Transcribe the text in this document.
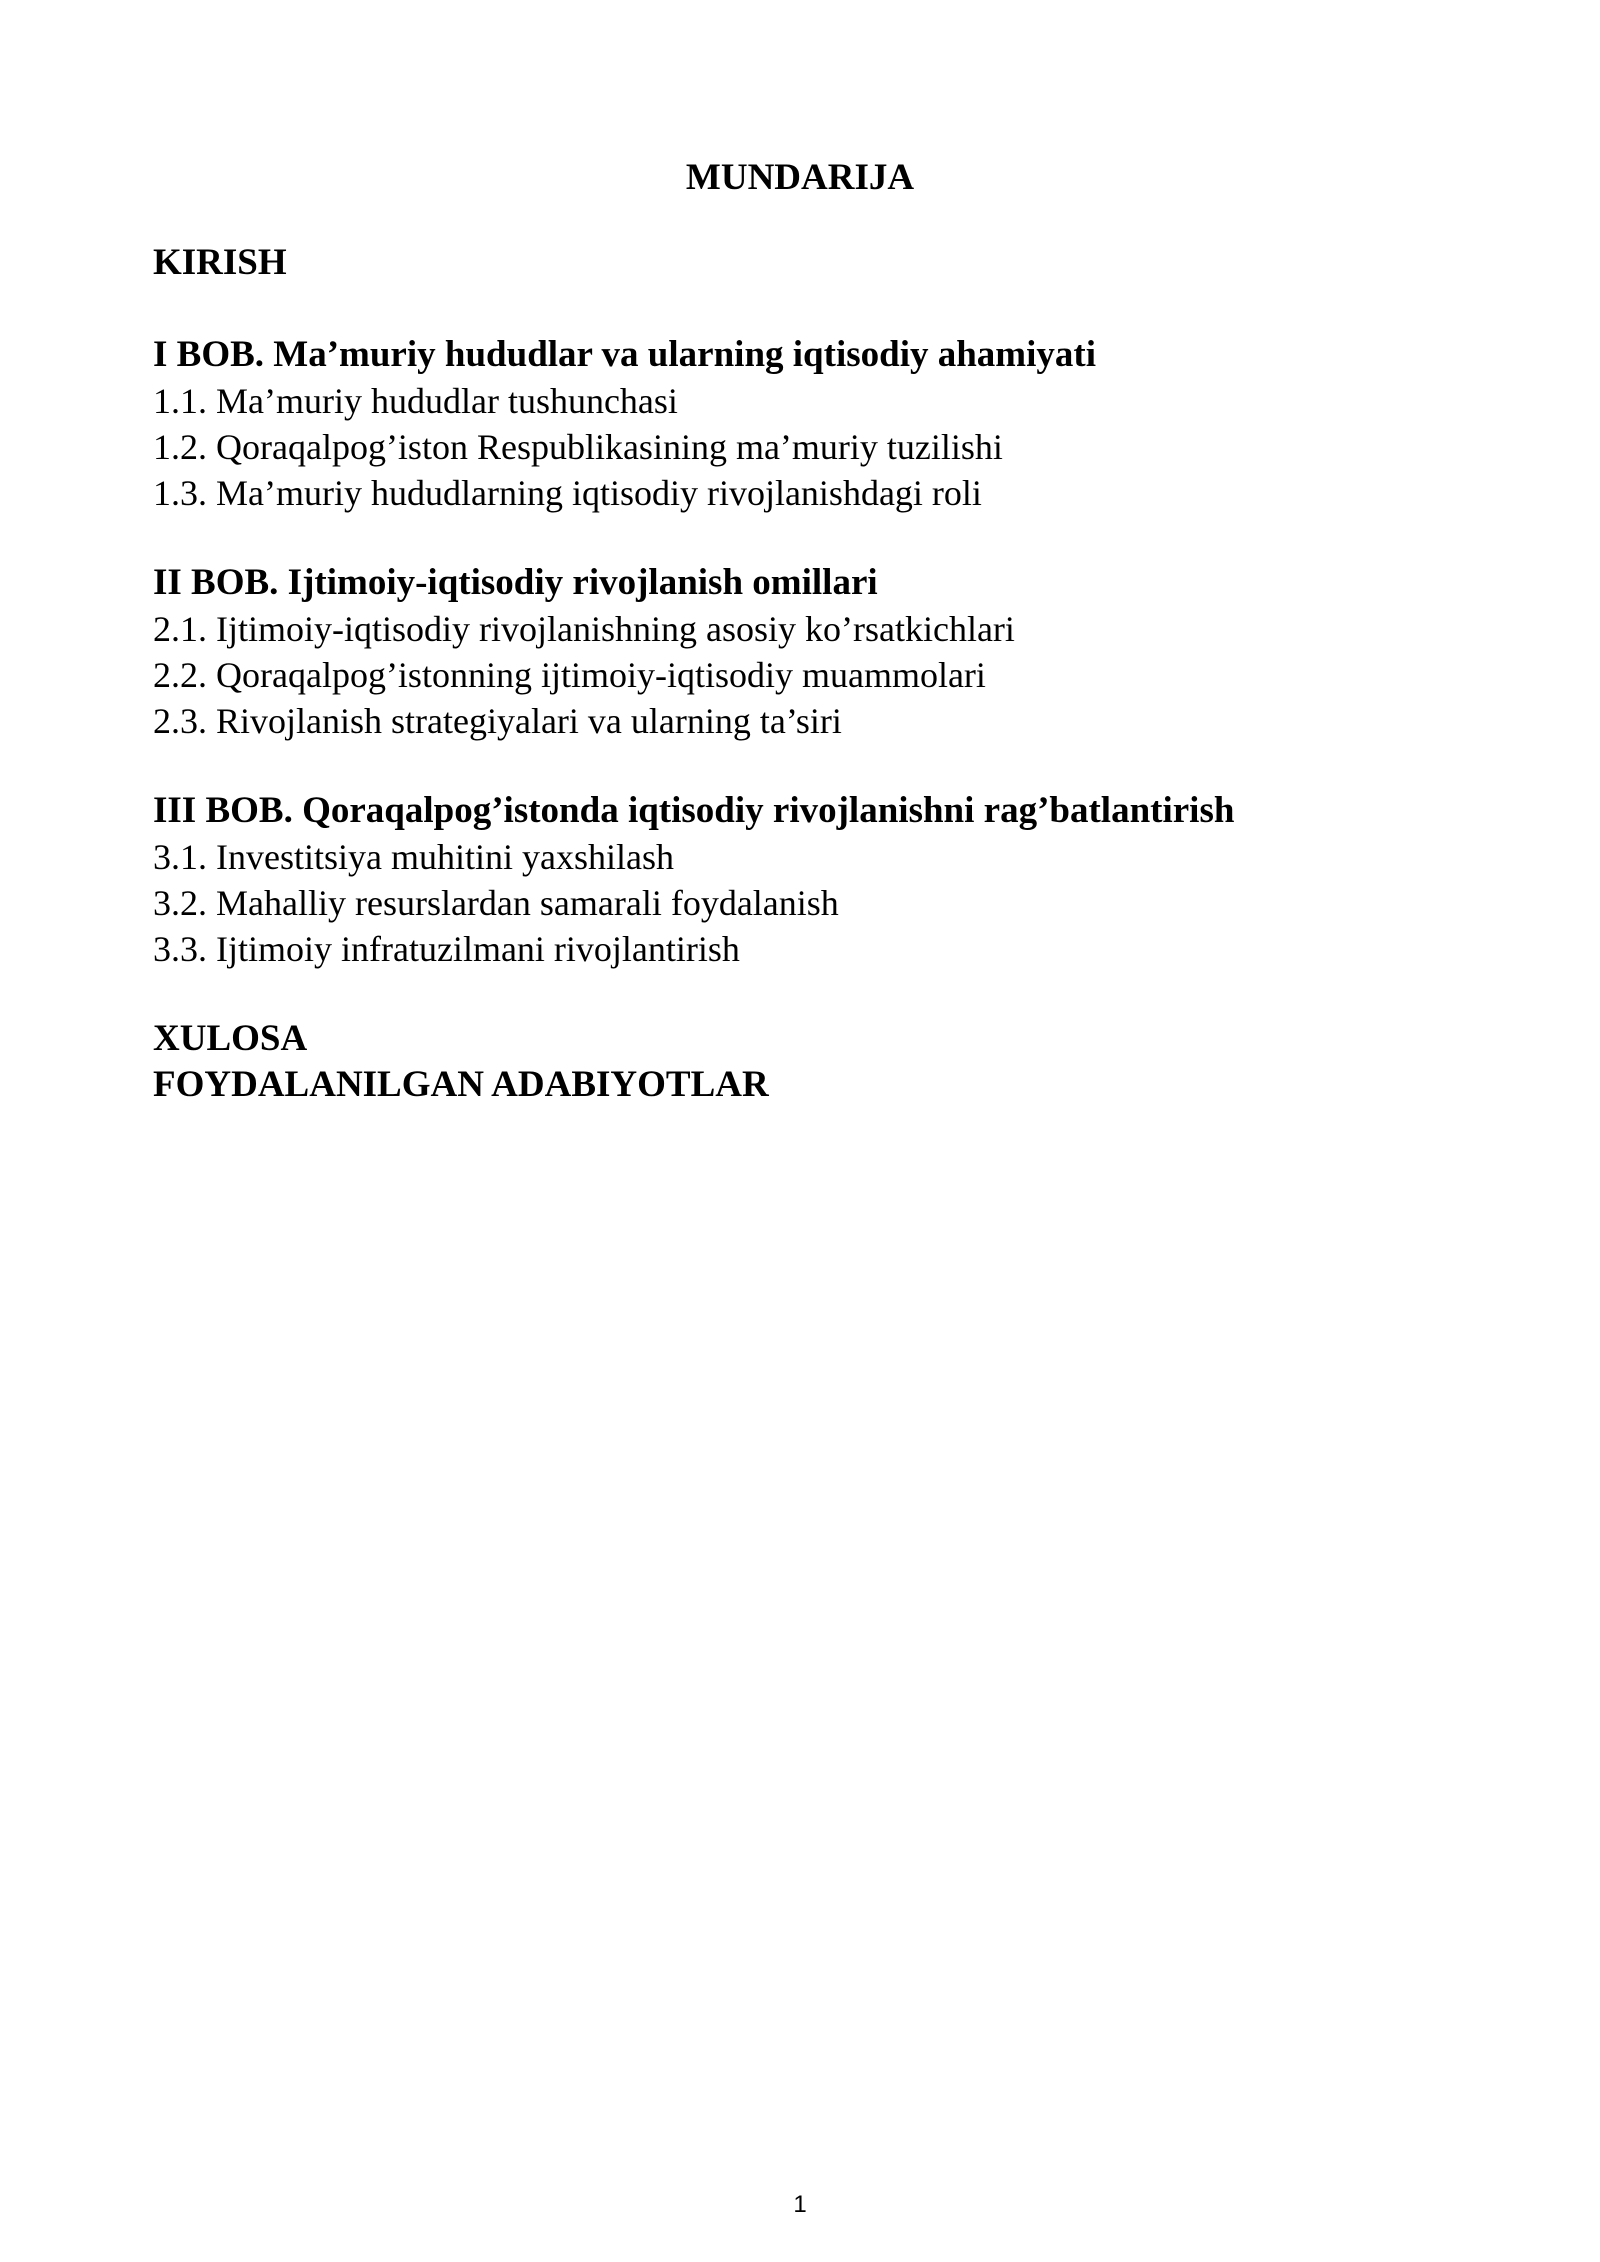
MUNDARIJA
KIRISH
I BOB. Ma’muriy hududlar va ularning iqtisodiy ahamiyati
1.1. Ma’muriy hududlar tushunchasi
1.2. Qoraqalpog’iston Respublikasining ma’muriy tuzilishi
1.3. Ma’muriy hududlarning iqtisodiy rivojlanishdagi roli
II BOB. Ijtimoiy-iqtisodiy rivojlanish omillari
2.1. Ijtimoiy-iqtisodiy rivojlanishning asosiy ko’rsatkichlari
2.2. Qoraqalpog’istonning ijtimoiy-iqtisodiy muammolari
2.3. Rivojlanish strategiyalari va ularning ta’siri
III BOB. Qoraqalpog’istonda iqtisodiy rivojlanishni rag’batlantirish
3.1. Investitsiya muhitini yaxshilash
3.2. Mahalliy resurslardan samarali foydalanish
3.3. Ijtimoiy infratuzilmani rivojlantirish
XULOSA
FOYDALANILGAN ADABIYOTLAR
1
